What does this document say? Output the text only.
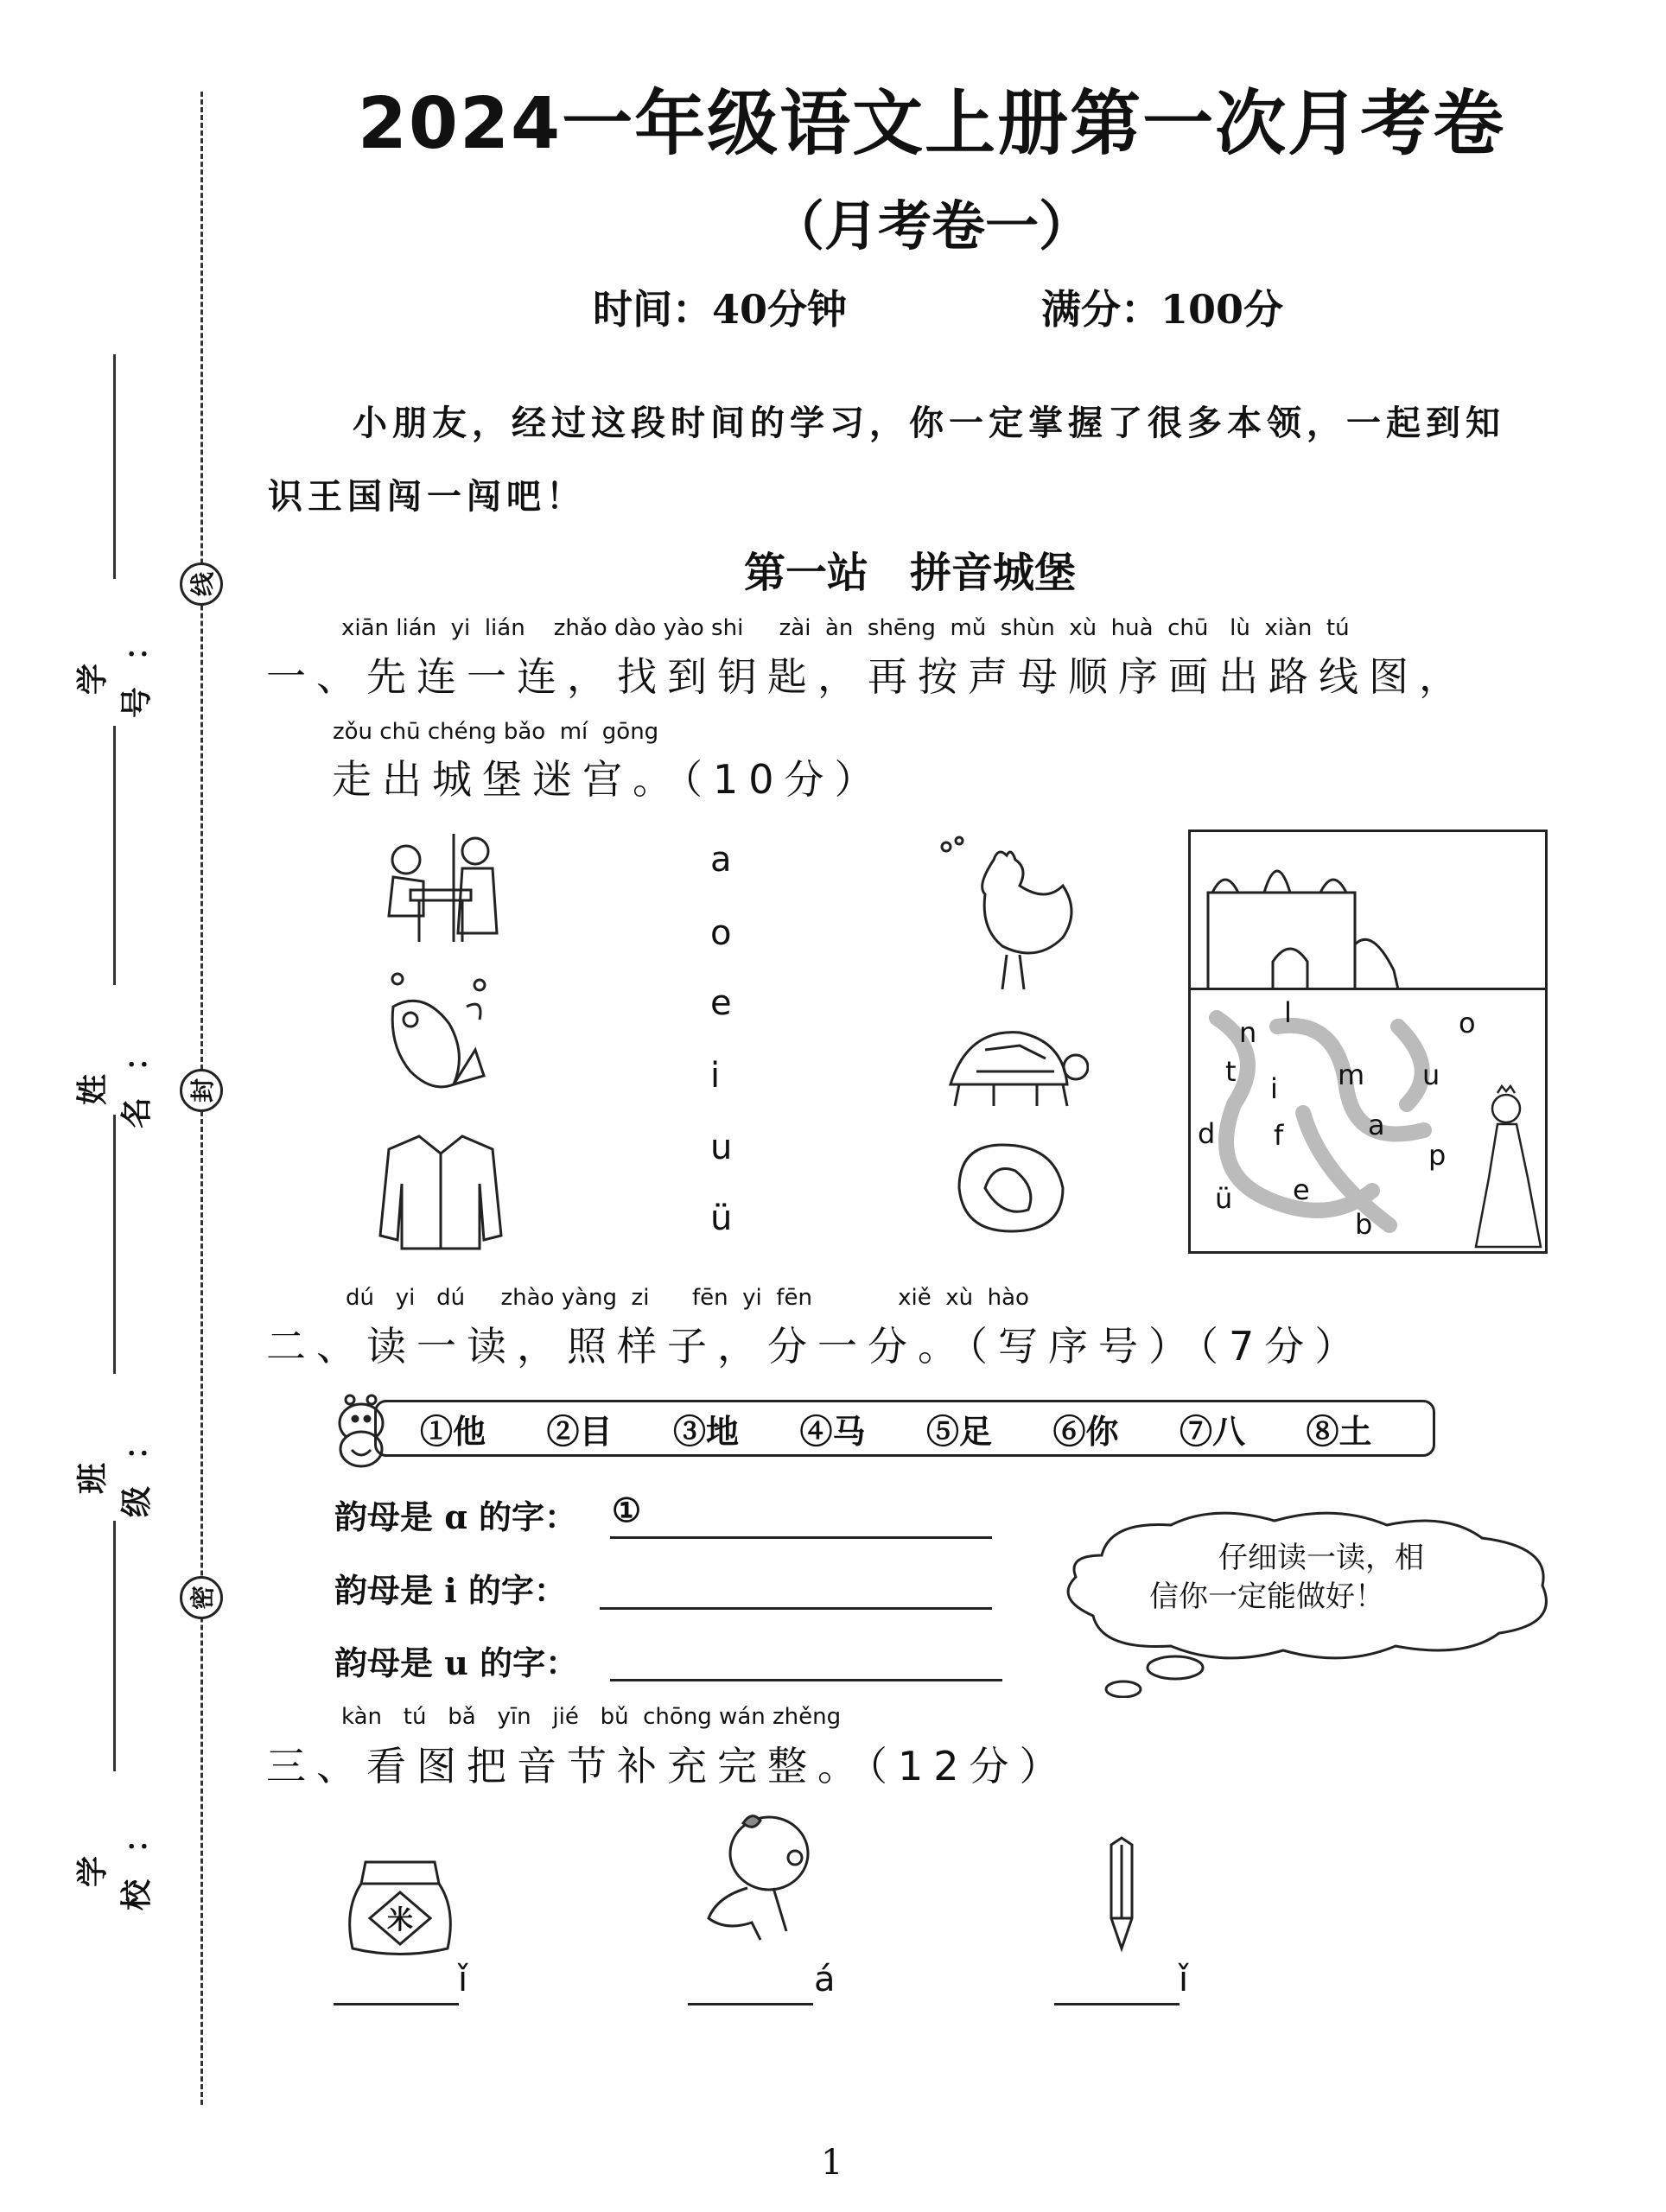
线
封
密
学号：
姓名：
班级：
学校：
2024一年级语文上册第一次月考卷
（月考卷一）
时间：40分钟	满分：100分
小朋友，经过这段时间的学习，你一定掌握了很多本领，一起到知
识王国闯一闯吧！
第一站　拼音城堡
xiān lián  yi  lián    zhǎo dào yào shi     zài  àn  shēng  mǔ  shùn  xù  huà  chū   lù  xiàn  tú
一、先连一连，找到钥匙，再按声母顺序画出路线图，
zǒu chū chéng bǎo  mí  gōng
走出城堡迷宫。（10分）
a
o
e
i
u
ü
n
l	o
t
i m u
d f	a
p
ü e
b
dú   yi   dú     zhào yàng  zi      fēn  yi  fēn            xiě  xù  hào
二、读一读，照样子，分一分。（写序号）（7分）
①他	②目	③地	④马	⑤足	⑥你	⑦八	⑧土
韵母是 ɑ 的字： ①
韵母是 i 的字：
韵母是 u 的字：
仔细读一读，相
信你一定能做好！
kàn   tú   bǎ   yīn   jié   bǔ  chōng wán zhěng
三、看图把音节补充完整。（12分）
米
ǐ	á	ǐ
1
